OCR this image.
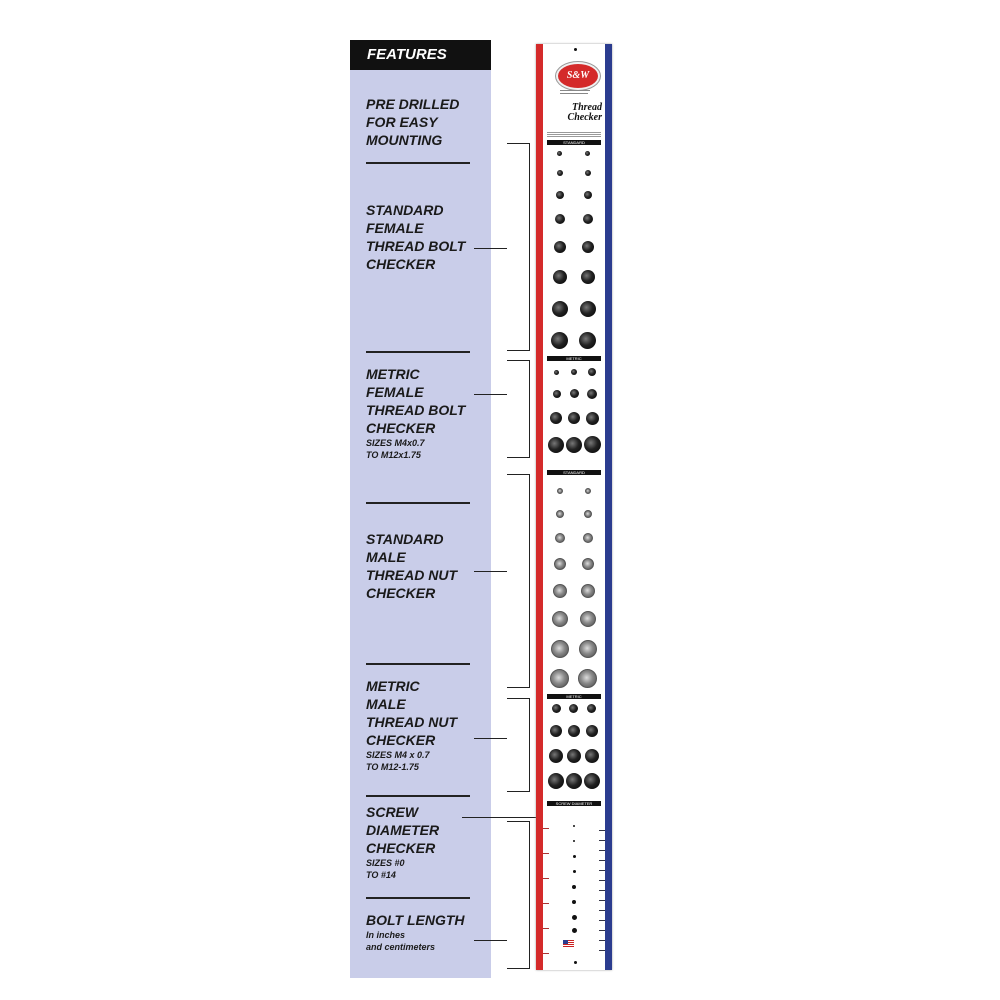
FEATURES
PRE DRILLED
FOR EASY
MOUNTING
STANDARD
FEMALE
THREAD BOLT
CHECKER
METRIC
FEMALE
THREAD BOLT
CHECKER
SIZES M4x0.7
TO M12x1.75
STANDARD
MALE
THREAD NUT
CHECKER
METRIC
MALE
THREAD NUT
CHECKER
SIZES M4 x 0.7
TO M12-1.75
SCREW
DIAMETER
CHECKER
SIZES #0
TO #14
BOLT LENGTH
In inches
and centimeters
S&W
Thread
Checker
STANDARD
METRIC
STANDARD
METRIC
SCREW DIAMETER CHECKER
